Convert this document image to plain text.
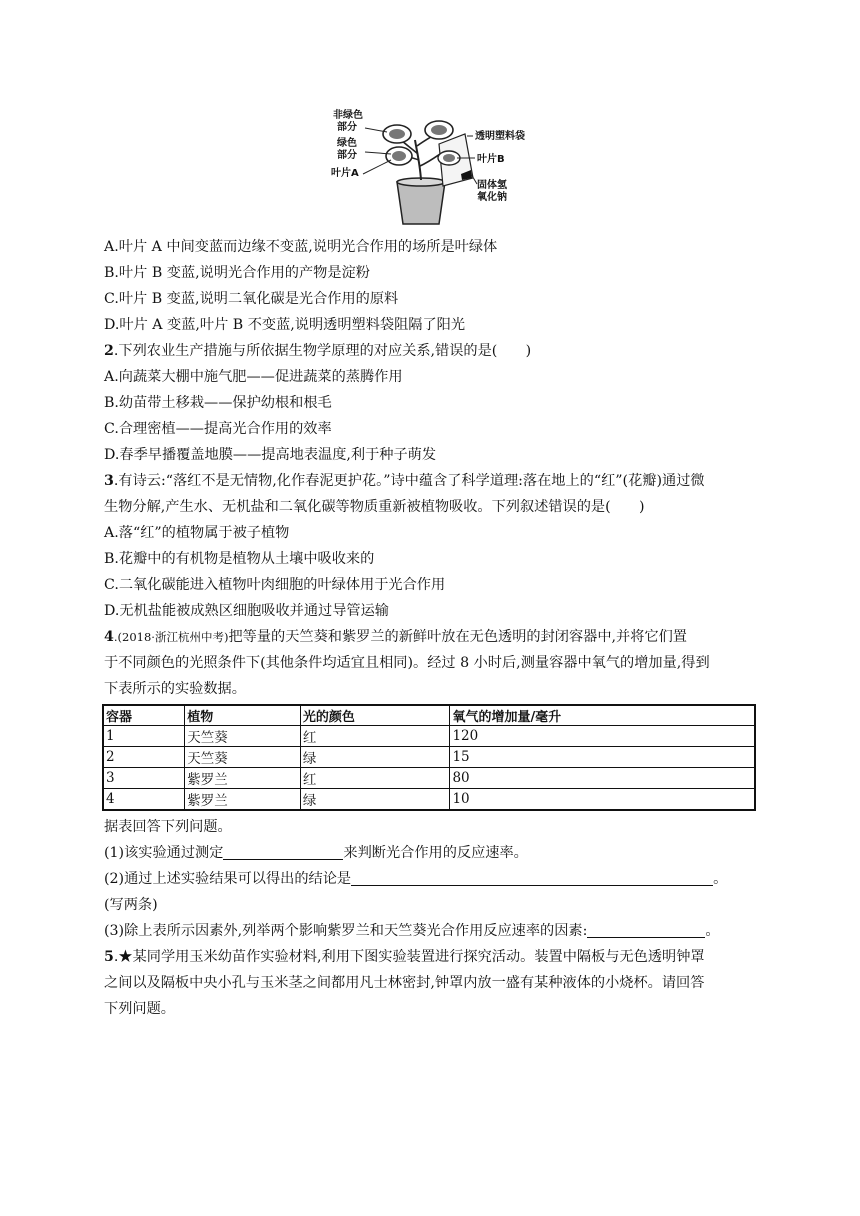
非绿色部分
绿色部分
叶片A
透明塑料袋
叶片B
固体氢氧化钠
A.叶片 A 中间变蓝而边缘不变蓝,说明光合作用的场所是叶绿体
B.叶片 B 变蓝,说明光合作用的产物是淀粉
C.叶片 B 变蓝,说明二氧化碳是光合作用的原料
D.叶片 A 变蓝,叶片 B 不变蓝,说明透明塑料袋阻隔了阳光
2.下列农业生产措施与所依据生物学原理的对应关系,错误的是(　　)
A.向蔬菜大棚中施气肥——促进蔬菜的蒸腾作用
B.幼苗带土移栽——保护幼根和根毛
C.合理密植——提高光合作用的效率
D.春季早播覆盖地膜——提高地表温度,利于种子萌发
3.有诗云:“落红不是无情物,化作春泥更护花。”诗中蕴含了科学道理:落在地上的“红”(花瓣)通过微
生物分解,产生水、无机盐和二氧化碳等物质重新被植物吸收。下列叙述错误的是(　　)
A.落“红”的植物属于被子植物
B.花瓣中的有机物是植物从土壤中吸收来的
C.二氧化碳能进入植物叶肉细胞的叶绿体用于光合作用
D.无机盐能被成熟区细胞吸收并通过导管运输
4.(2018·浙江杭州中考)把等量的天竺葵和紫罗兰的新鲜叶放在无色透明的封闭容器中,并将它们置
于不同颜色的光照条件下(其他条件均适宜且相同)。经过 8 小时后,测量容器中氧气的增加量,得到
下表所示的实验数据。
容器	植物	光的颜色	氧气的增加量/毫升
1	天竺葵	红	120
2	天竺葵	绿	15
3	紫罗兰	红	80
4	紫罗兰	绿	10
据表回答下列问题。
(1)该实验通过测定	来判断光合作用的反应速率。
(2)通过上述实验结果可以得出的结论是	。
(写两条)
(3)除上表所示因素外,列举两个影响紫罗兰和天竺葵光合作用反应速率的因素:	。
5.★某同学用玉米幼苗作实验材料,利用下图实验装置进行探究活动。装置中隔板与无色透明钟罩
之间以及隔板中央小孔与玉米茎之间都用凡士林密封,钟罩内放一盛有某种液体的小烧杯。请回答
下列问题。
